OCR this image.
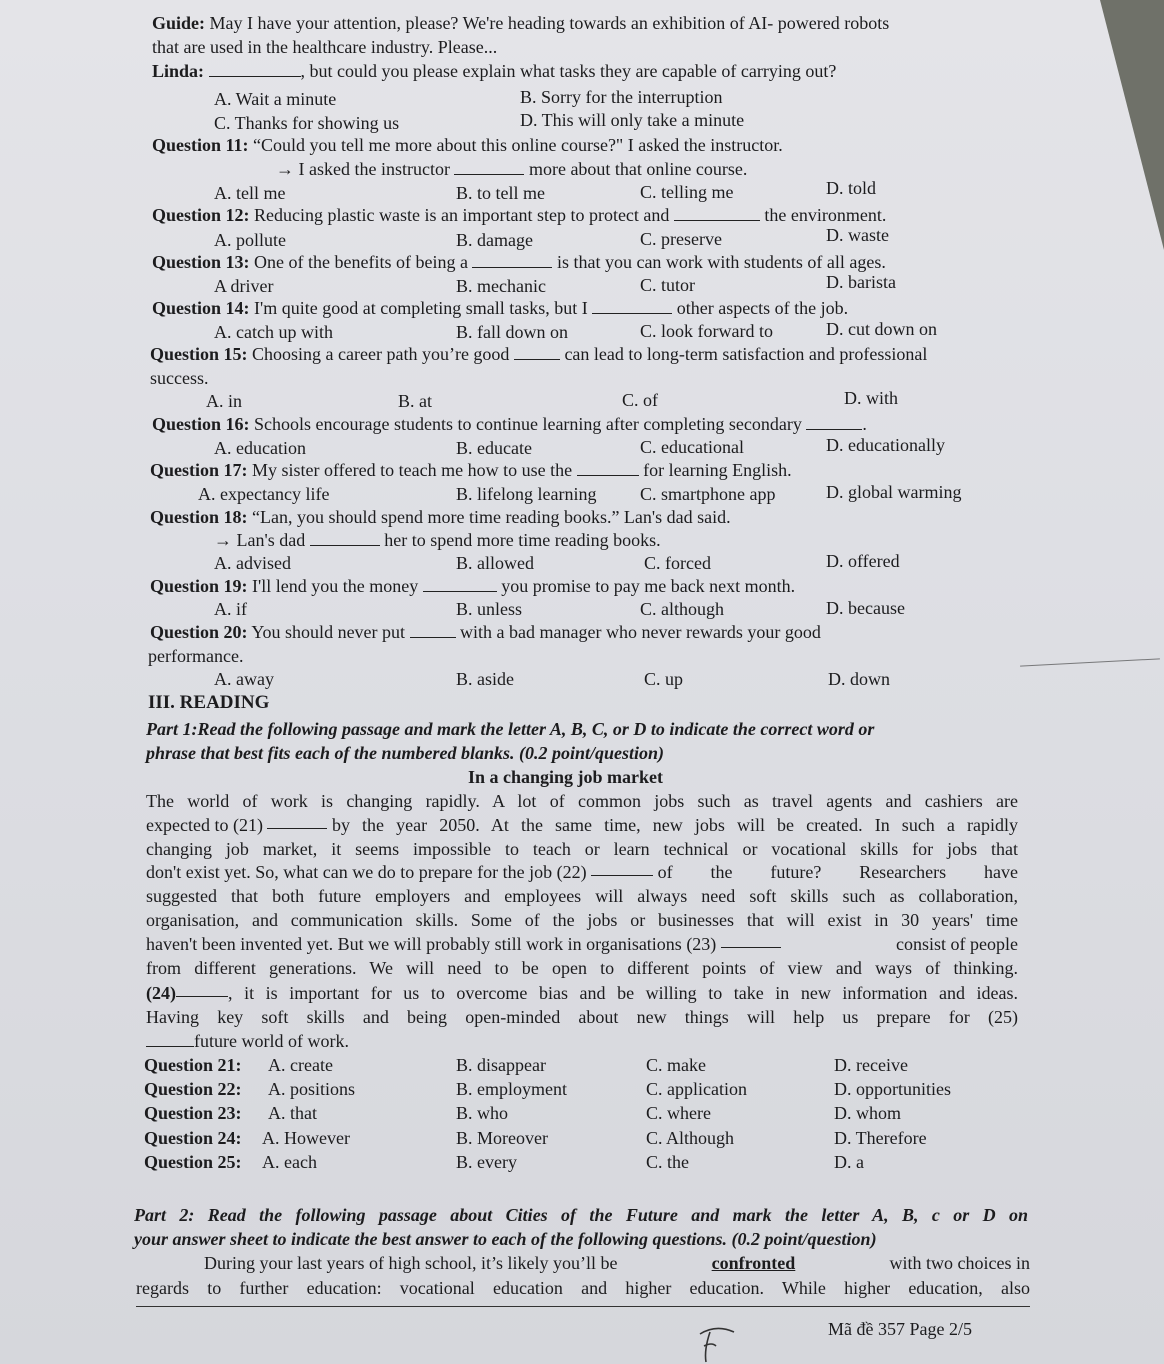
Guide: May I have your attention, please? We're heading towards an exhibition of AI- powered robots
that are used in the healthcare industry. Please...
Linda:	, but could you please explain what tasks they are capable of carrying out?
A. Wait a minute	B. Sorry for the interruption
C. Thanks for showing us	D. This will only take a minute
Question 11: “Could you tell me more about this online course?" I asked the instructor.
→ I asked the instructor	more about that online course.
A. tell me	B. to tell me	C. telling me	D. told
Question 12: Reducing plastic waste is an important step to protect and	the environment.
A. pollute	B. damage	C. preserve	D. waste
Question 13: One of the benefits of being a	is that you can work with students of all ages.
A driver	B. mechanic	C. tutor	D. barista
Question 14: I'm quite good at completing small tasks, but I	other aspects of the job.
A. catch up with	B. fall down on	C. look forward to	D. cut down on
Question 15: Choosing a career path you’re good	can lead to long-term satisfaction and professional
success.
A. in	B. at	C. of	D. with
Question 16: Schools encourage students to continue learning after completing secondary	.
A. education	B. educate	C. educational	D. educationally
Question 17: My sister offered to teach me how to use the	for learning English.
A. expectancy life	B. lifelong learning C. smartphone app	D. global warming
Question 18: “Lan, you should spend more time reading books.” Lan's dad said.
→ Lan's dad	her to spend more time reading books.
A. advised	B. allowed	C. forced	D. offered
Question 19: I'll lend you the money	you promise to pay me back next month.
A. if	B. unless	C. although	D. because
Question 20: You should never put	with a bad manager who never rewards your good
performance.
A. away	B. aside	C. up	D. down
III. READING
Part 1:Read the following passage and mark the letter A, B, C, or D to indicate the correct word or
phrase that best fits each of the numbered blanks. (0.2 point/question)
In a changing job market
The world of work is changing rapidly. A lot of common jobs such as travel agents and cashiers are
expected to (21)

	by the year 2050. At the same time, new jobs will be created. In such a rapidly
changing job market, it seems impossible to teach or learn technical or vocational skills for jobs that
don't exist yet. So, what can we do to prepare for the job (22)

	of the future? Researchers have
suggested that both future employers and employees will always need soft skills such as collaboration,
organisation, and communication skills. Some of the jobs or businesses that will exist in 30 years' time
haven't been invented yet. But we will probably still work in organisations (23)
	consist of people
from different generations. We will need to be open to different points of view and ways of thinking.
(24)	, it is important for us to overcome bias and be willing to take in new information and ideas.
Having key soft skills and being open-minded about new things will help us prepare for (25)
future world of work.
Question 21: A. create	B. disappear	C. make	D. receive
Question 22: A. positions	B. employment	C. application	D. opportunities
Question 23: A. that	B. who	C. where	D. whom
Question 24: A. However	B. Moreover	C. Although	D. Therefore
Question 25: A. each	B. every	C. the	D. a
Part 2: Read the following passage about Cities of the Future and mark the letter A, B, c or D on
your answer sheet to indicate the best answer to each of the following questions. (0.2 point/question)
During your last years of high school, it’s likely you’ll be	confronted	with two choices in
regards to further education: vocational education and higher education. While higher education, also
Mã đề 357 Page 2/5
